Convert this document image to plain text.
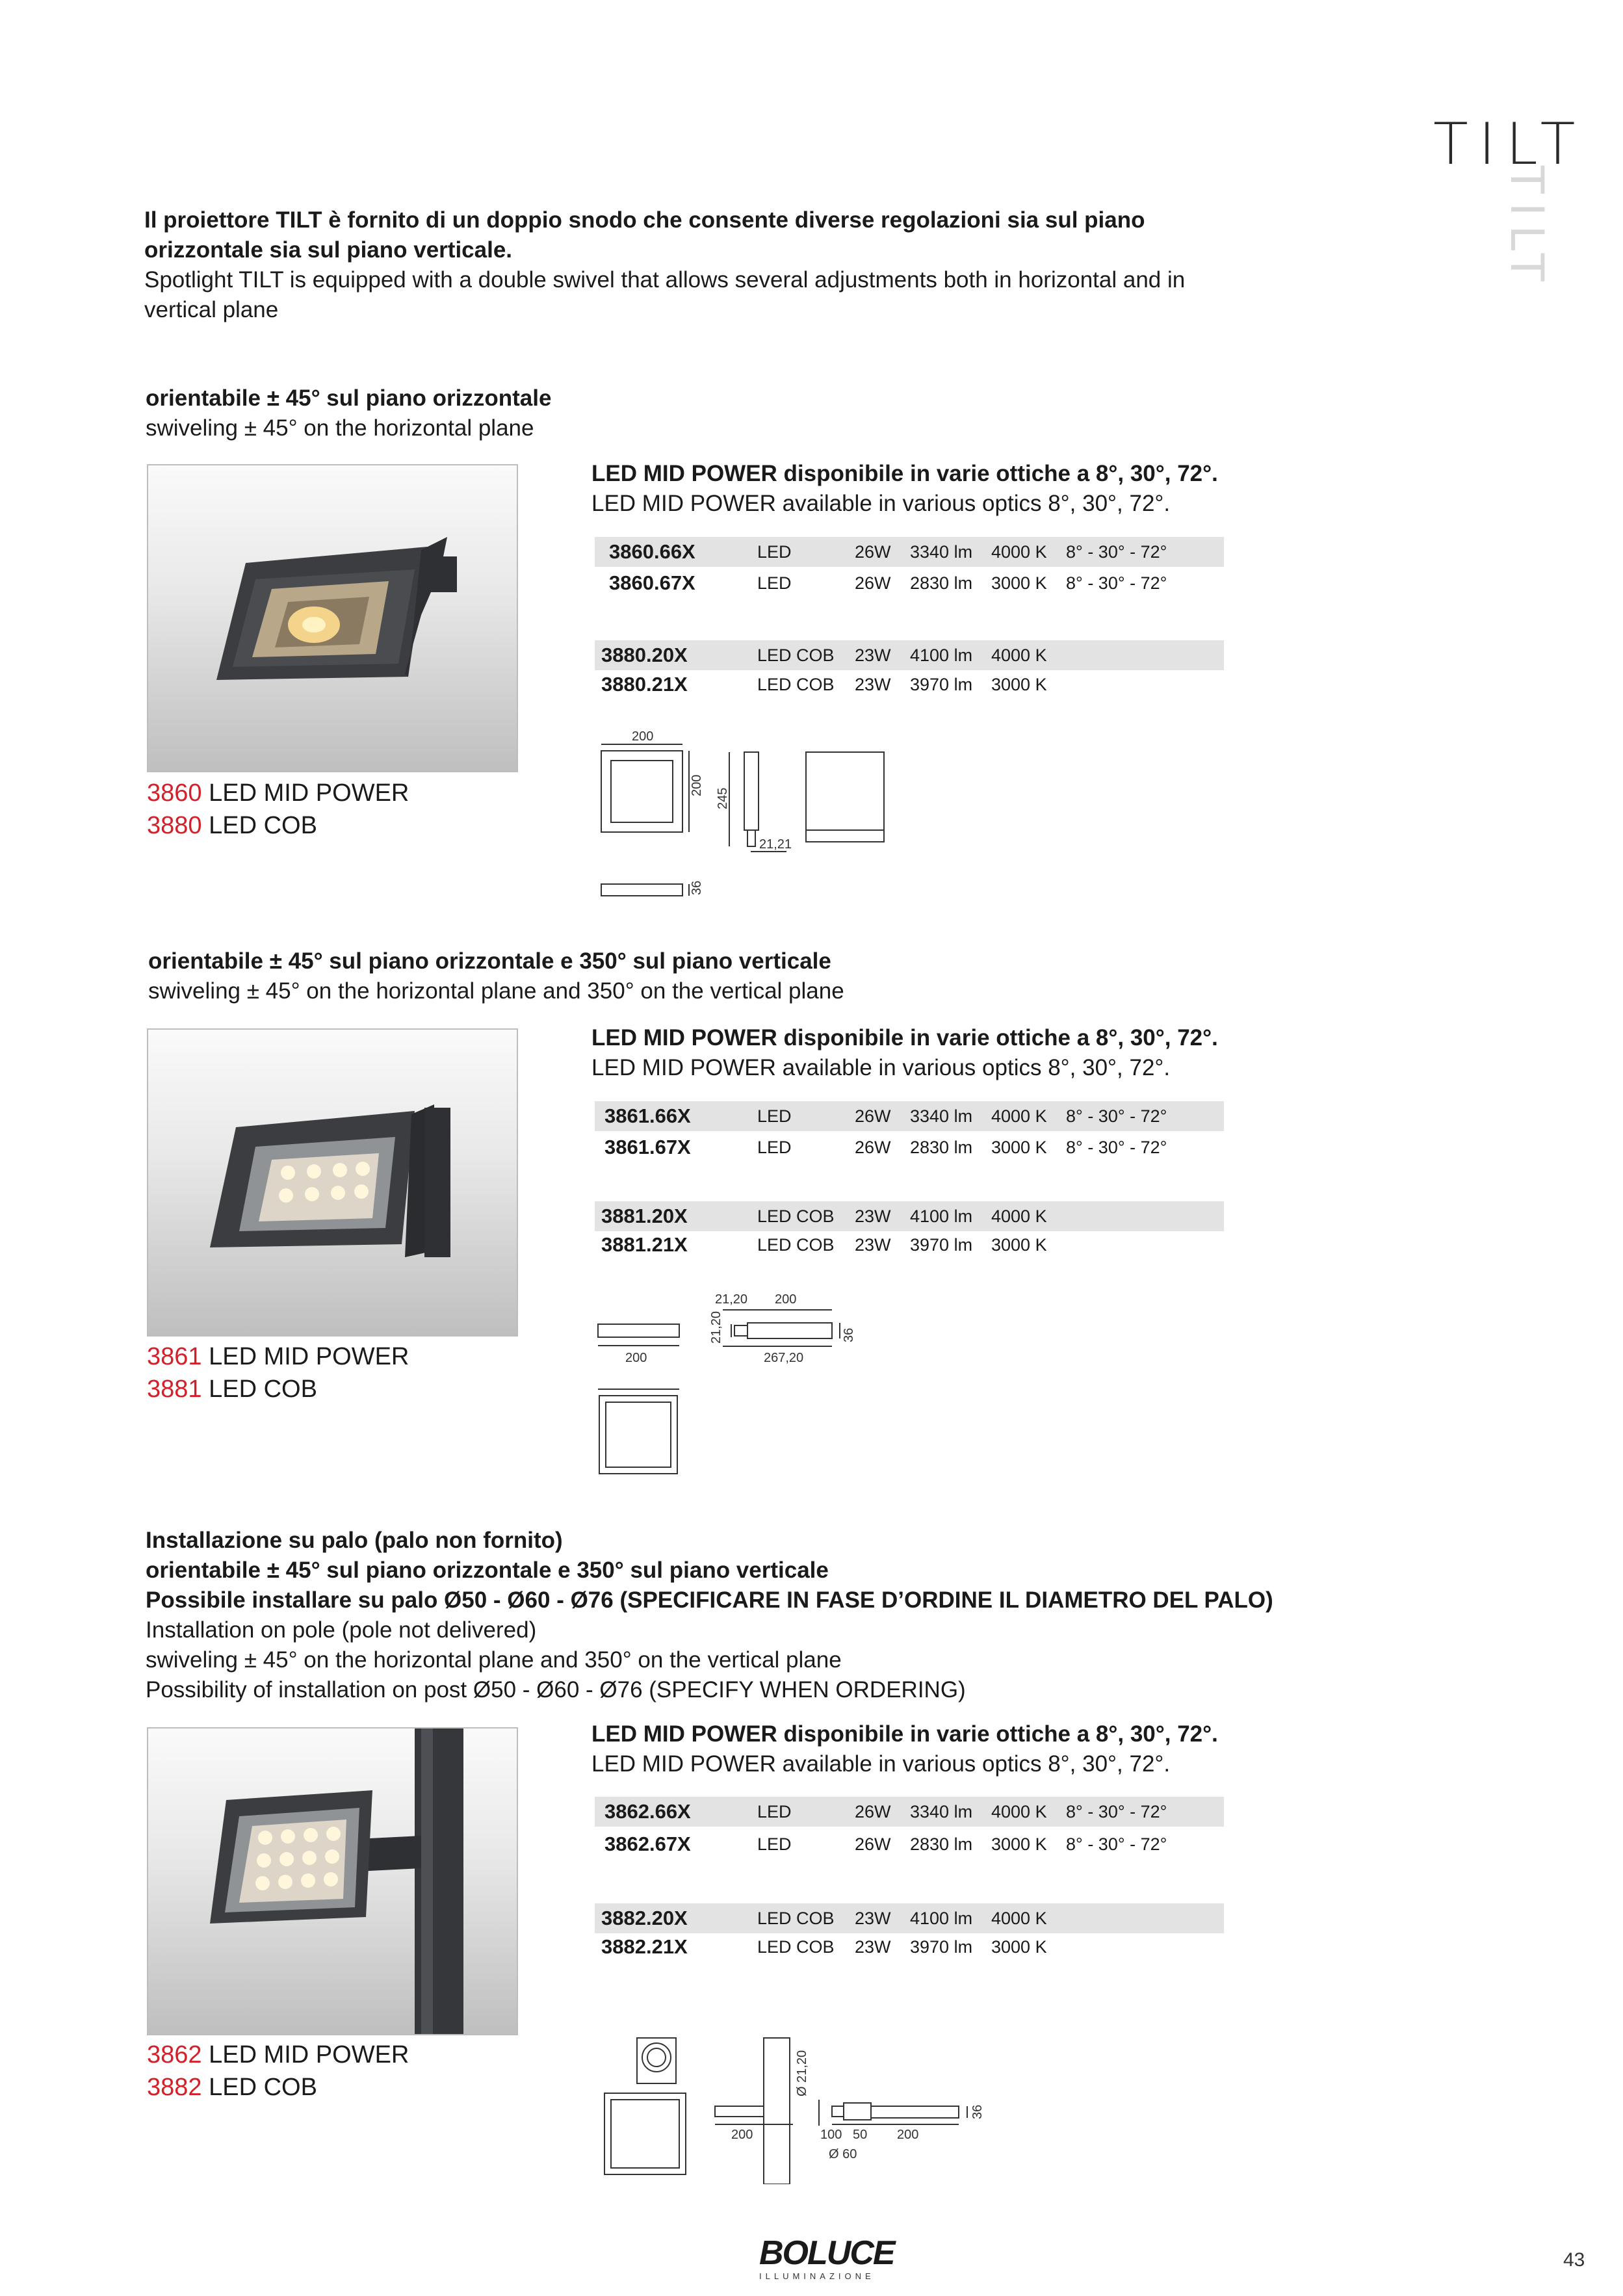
TILT
TILT
Il proiettore TILT è fornito di un doppio snodo che consente diverse regolazioni sia sul piano orizzontale sia sul piano verticale.
Spotlight TILT is equipped with a double swivel that allows several adjustments both in horizontal and in vertical plane
orientabile ± 45° sul piano orizzontale
swiveling ± 45° on the horizontal plane
3860 LED MID POWER
3880 LED COB
LED MID POWER disponibile in varie ottiche a 8°, 30°, 72°.
LED MID POWER available in various optics 8°, 30°, 72°.
3860.66X	LED	26W 3340 lm 4000 K 8° - 30° - 72°
3860.67X	LED	26W 2830 lm 3000 K 8° - 30° - 72°
3880.20X	LED COB 23W 4100 lm 4000 K
3880.21X	LED COB 23W 3970 lm 3000 K
200
200
245
21,21
36
orientabile ± 45° sul piano orizzontale e 350° sul piano verticale
swiveling ± 45° on the horizontal plane and 350° on the vertical plane
3861 LED MID POWER
3881 LED COB
LED MID POWER disponibile in varie ottiche a 8°, 30°, 72°.
LED MID POWER available in various optics 8°, 30°, 72°.
3861.66X	LED	26W 3340 lm 4000 K 8° - 30° - 72°
3861.67X	LED	26W 2830 lm 3000 K 8° - 30° - 72°
3881.20X	LED COB 23W 4100 lm 4000 K
3881.21X	LED COB 23W 3970 lm 3000 K
21,20 200
21,20	36
200	267,20
Installazione su palo (palo non fornito)
orientabile ± 45° sul piano orizzontale e 350° sul piano verticale
Possibile installare su palo Ø50 - Ø60 - Ø76 (SPECIFICARE IN FASE D’ORDINE IL DIAMETRO DEL PALO)
Installation on pole (pole not delivered)
swiveling ± 45° on the horizontal plane and 350° on the vertical plane
Possibility of installation on post Ø50 - Ø60 - Ø76 (SPECIFY WHEN ORDERING)
3862 LED MID POWER
3882 LED COB
LED MID POWER disponibile in varie ottiche a 8°, 30°, 72°.
LED MID POWER available in various optics 8°, 30°, 72°.
3862.66X	LED	26W 3340 lm 4000 K 8° - 30° - 72°
3862.67X	LED	26W 2830 lm 3000 K 8° - 30° - 72°
3882.20X	LED COB 23W 4100 lm 4000 K
3882.21X	LED COB 23W 3970 lm 3000 K
Ø 21,20
200	100 50 200
Ø 60
36
BOLUCE
ILLUMINAZIONE
43
